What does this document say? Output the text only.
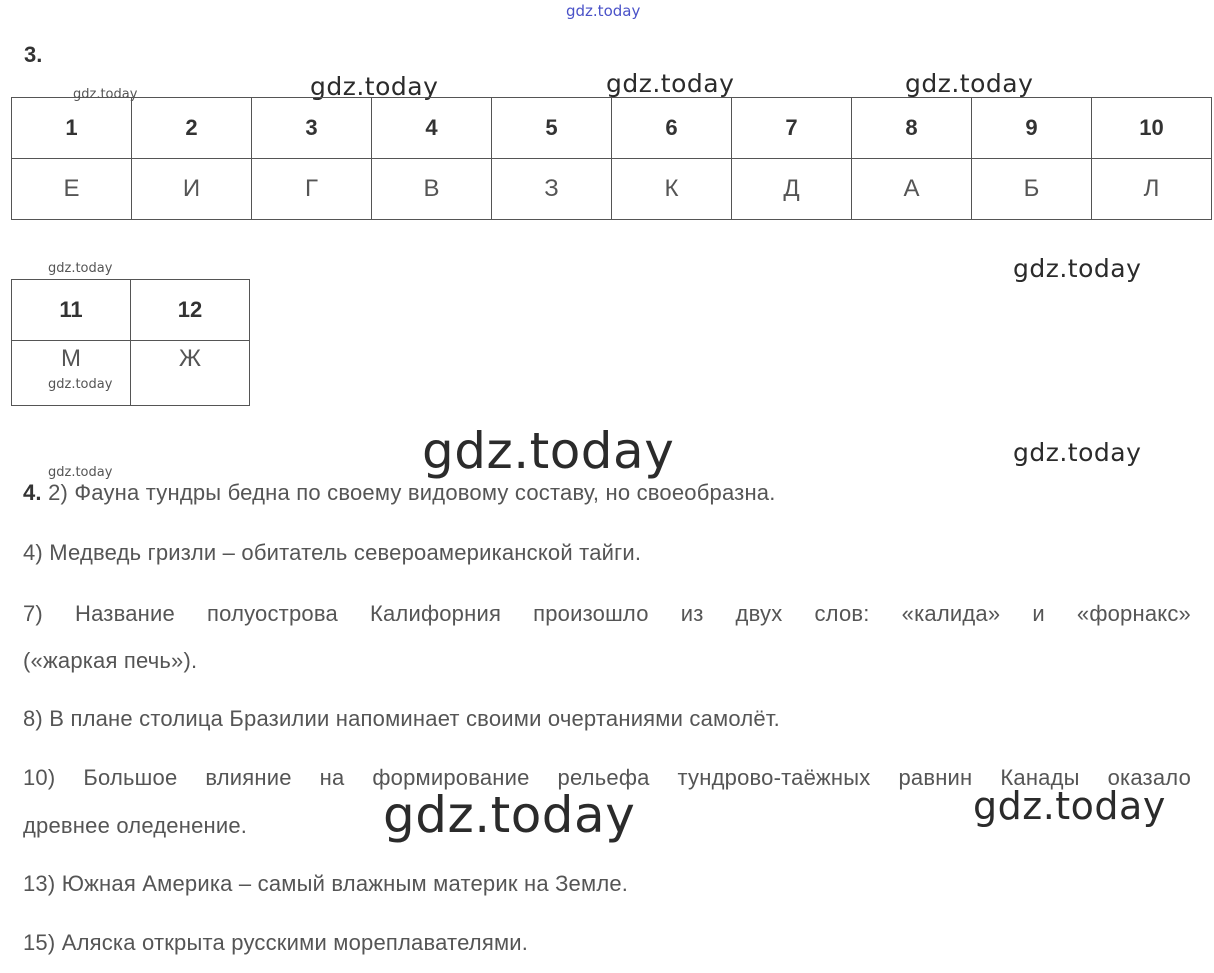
gdz.today
gdz.today	gdz.today	gdz.today	gdz.today
gdz.today	gdz.today
gdz.today
gdz.today	gdz.today
gdz.today
gdz.today	gdz.today
3.
1	2	3	4	5	6	7	8	9	10
Е	И	Г	В	З	К	Д	А	Б	Л
11	12
М	Ж
4. 2) Фауна тундры бедна по своему видовому составу, но своеобразна.
4) Медведь гризли – обитатель североамериканской тайги.
7) Название полуострова Калифорния произошло из двух слов: «калида» и «форнакс»
(«жаркая печь»).
8) В плане столица Бразилии напоминает своими очертаниями самолёт.
10) Большое влияние на формирование рельефа тундрово-таёжных равнин Канады оказало
древнее оледенение.
13) Южная Америка – самый влажным материк на Земле.
15) Аляска открыта русскими мореплавателями.
